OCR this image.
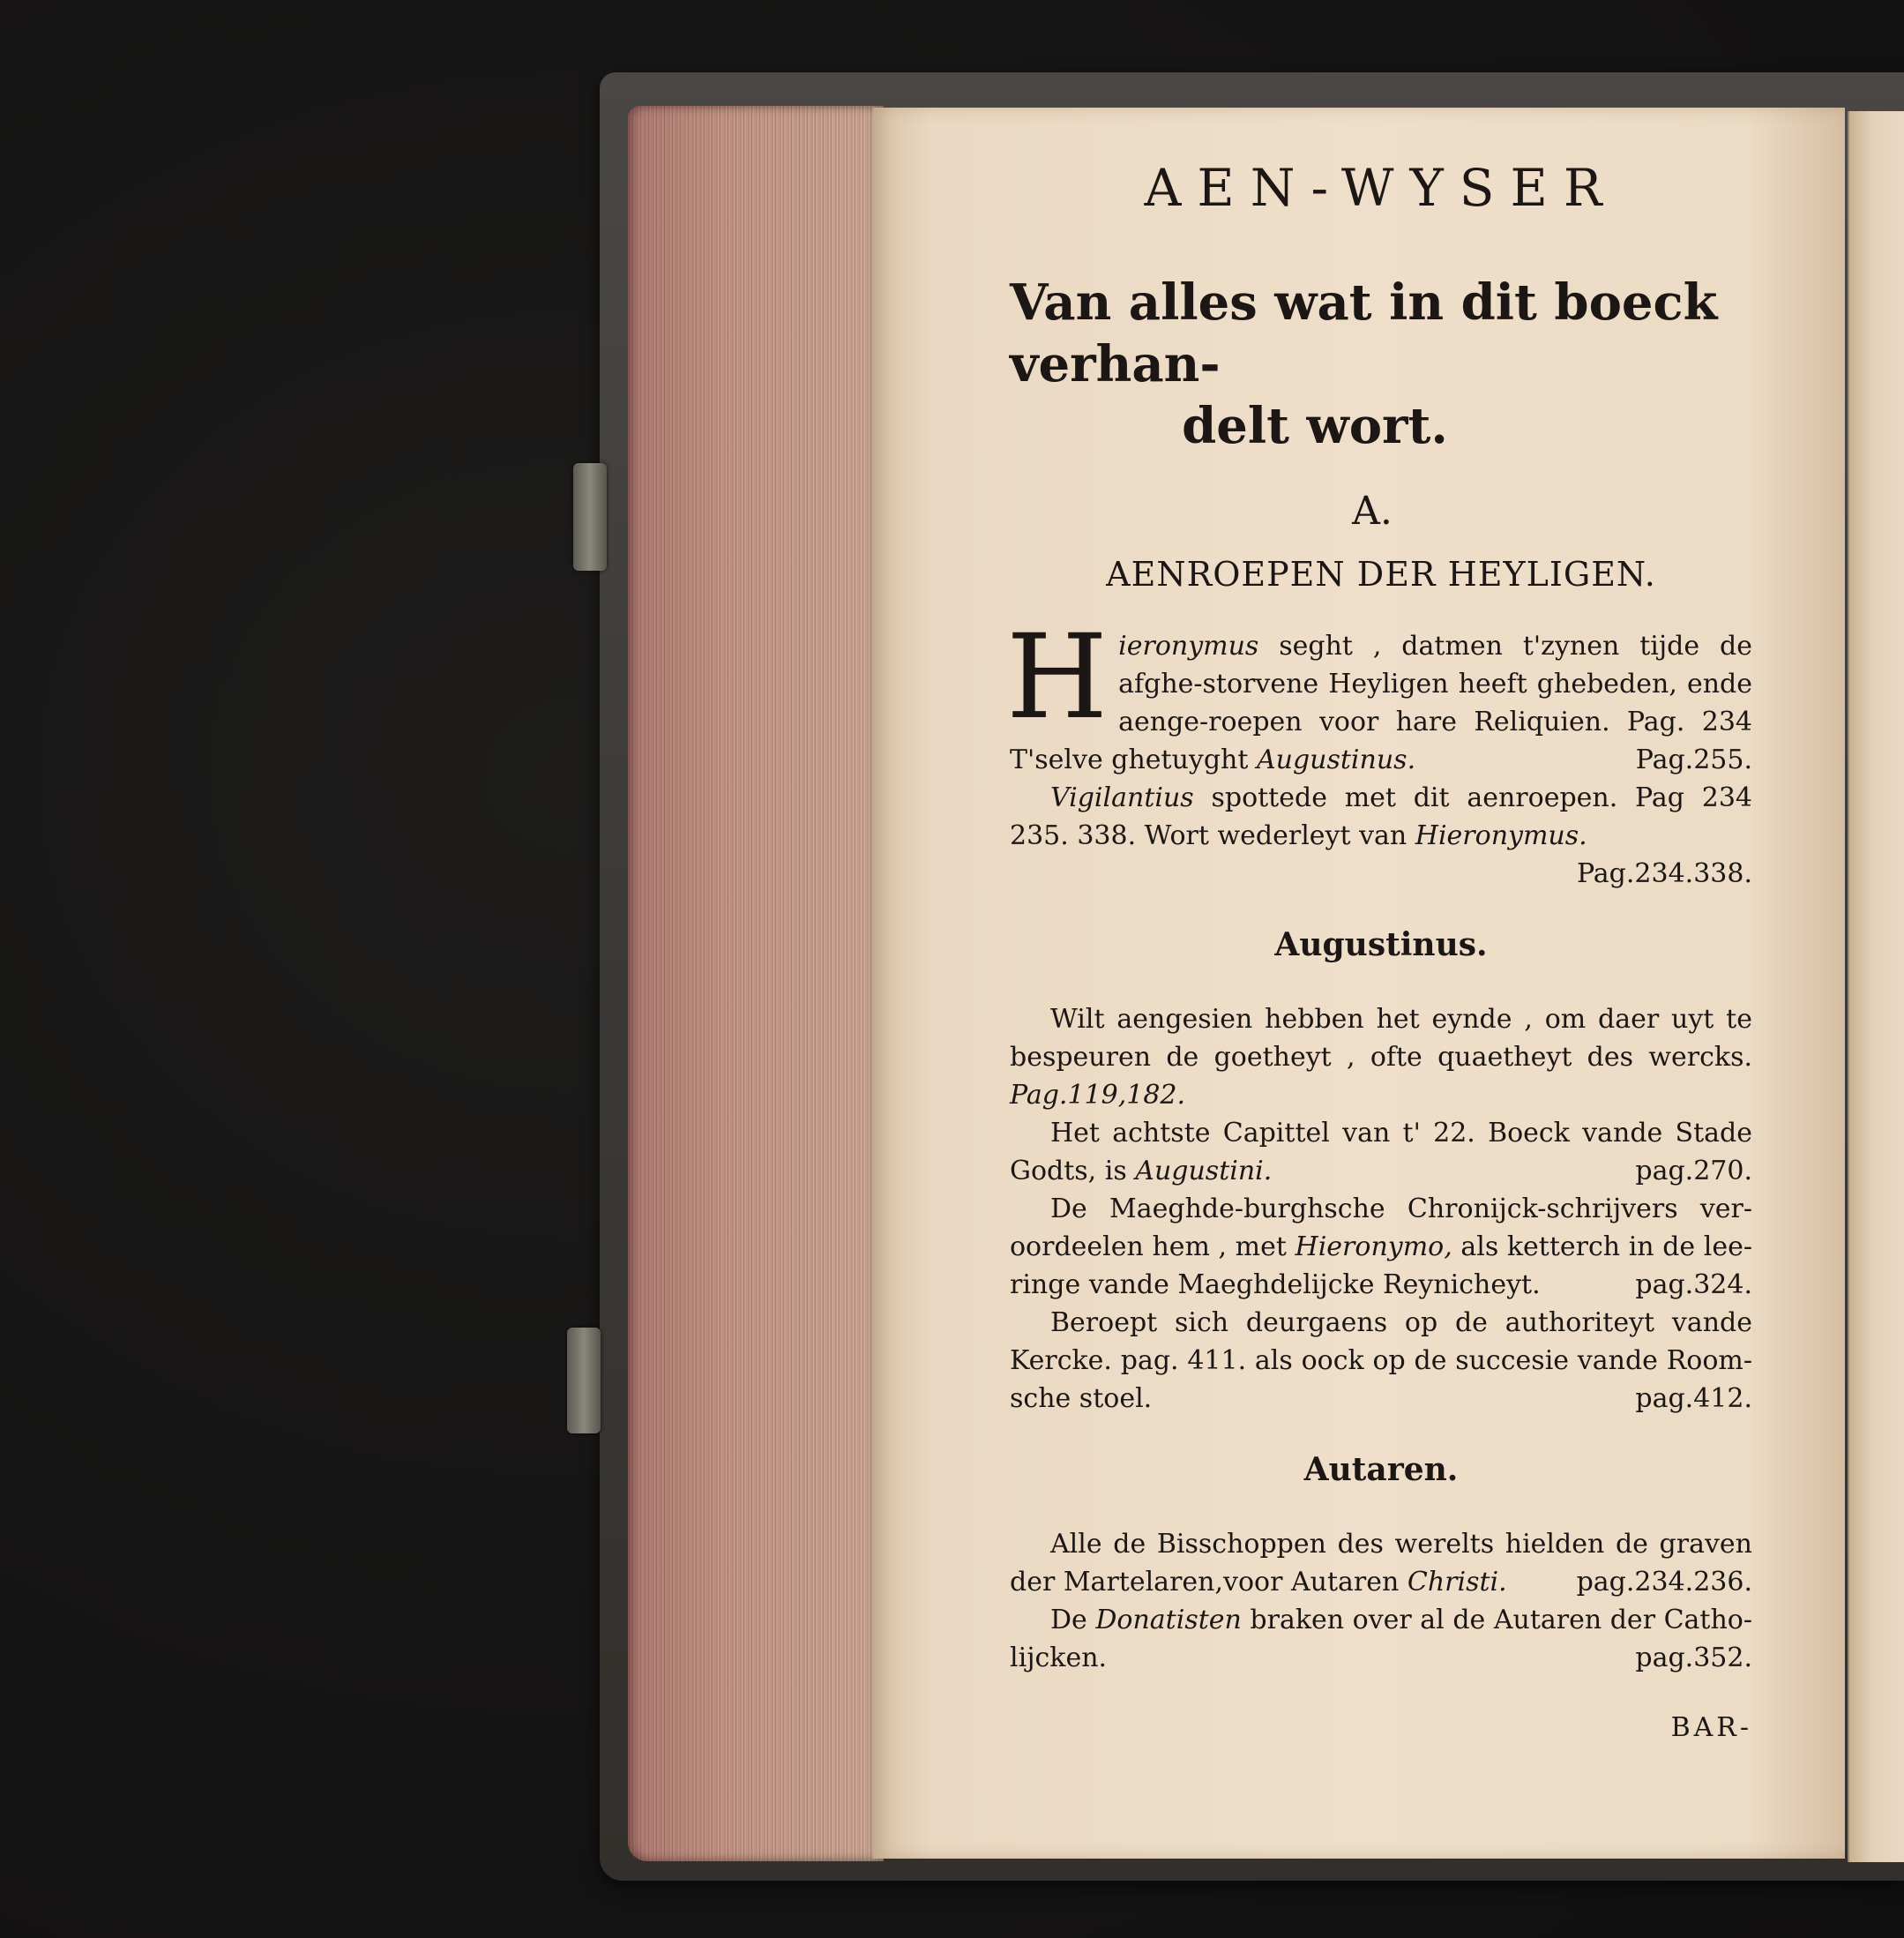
AEN-WYSER
Van alles wat in dit boeck verhan-
delt wort.
A.
AENROEPEN DER HEYLIGEN.

Hieronymus seght , datmen t'zynen tijde de afghe-storvene Heyligen heeft ghebeden, ende aenge-roepen voor hare Reliquien. Pag. 234 T'selve ghetuyght Augustinus.	Pag.255.

Vigilantius spottede met dit aenroepen. Pag 234 235. 338. Wort wederleyt van Hieronymus.
Pag.234.338.

Augustinus.

Wilt aengesien hebben het eynde , om daer uyt te bespeuren de goetheyt , ofte quaetheyt des wercks. Pag.119,182.

Het achtste Capittel van t' 22. Boeck vande Stade Godts, is Augustini.	pag.270.

De Maeghde-burghsche Chronijck-schrijvers ver-oordeelen hem , met Hieronymo, als ketterch in de lee-ringe vande Maeghdelijcke Reynicheyt.	pag.324.

Beroept sich deurgaens op de authoriteyt vande Kercke. pag. 411. als oock op de succesie vande Room-sche stoel.	pag.412.

Autaren.

Alle de Bisschoppen des werelts hielden de graven der Martelaren,voor Autaren Christi.	pag.234.236.

De Donatisten braken over al de Autaren der Catho-lijcken.	pag.352.

BAR-
